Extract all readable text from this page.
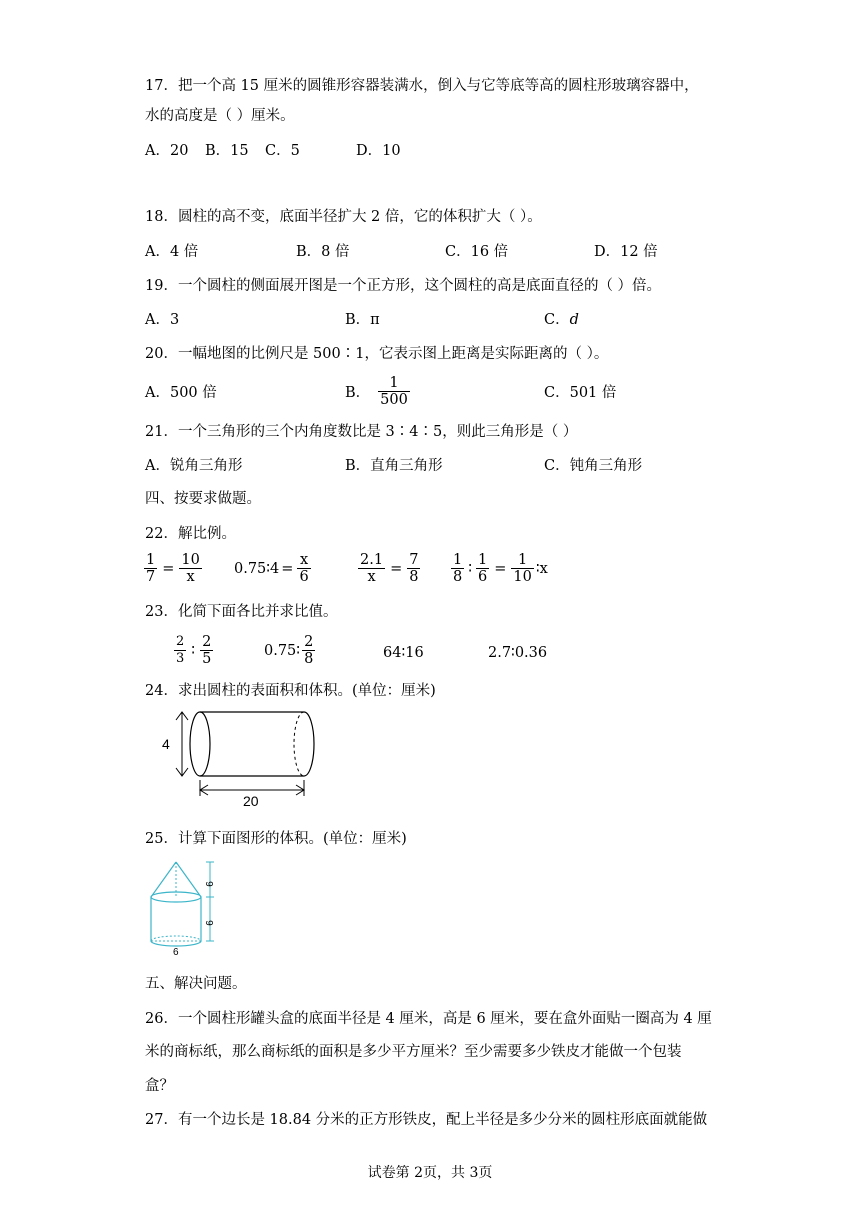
17．把一个高 15 厘米的圆锥形容器装满水，倒入与它等底等高的圆柱形玻璃容器中，
水的高度是（ ）厘米。
A．20 B．15 C．5	D．10
18．圆柱的高不变，底面半径扩大 2 倍，它的体积扩大（ ）。
A．4 倍	B．8 倍	C．16 倍	D．12 倍
19．一个圆柱的侧面展开图是一个正方形，这个圆柱的高是底面直径的（ ）倍。
A．3	B．π	C．d
20．一幅地图的比例尺是 500∶1，它表示图上距离是实际距离的（ ）。
A．500 倍	B． $\frac{1}{500}$	C．501 倍
21．一个三角形的三个内角度数比是 3∶4∶5，则此三角形是（ ）
A．锐角三角形	B．直角三角形	C．钝角三角形
四、按要求做题。
22．解比例。
$\frac{1}{7} = \frac{10}{x}$ 0.75∶4 = $\frac{x}{6}$	$\frac{2.1}{x} = \frac{7}{8} \frac{1}{8}$ ∶ $\frac{1}{6} = \frac{1}{10}$ ∶x
23．化简下面各比并求比值。
$\frac{2}{3}$ ∶ $\frac{2}{5}$	0.75∶ $\frac{2}{8}$	64∶16	2.7∶0.36
24．求出圆柱的表面积和体积。(单位：厘米)
4
20
25．计算下面图形的体积。(单位：厘米)
6
6
6
五、解决问题。
26．一个圆柱形罐头盒的底面半径是 4 厘米，高是 6 厘米，要在盒外面贴一圈高为 4 厘
米的商标纸，那么商标纸的面积是多少平方厘米？至少需要多少铁皮才能做一个包装
盒？
27．有一个边长是 18.84 分米的正方形铁皮，配上半径是多少分米的圆柱形底面就能做
试卷第 2页，共 3页
